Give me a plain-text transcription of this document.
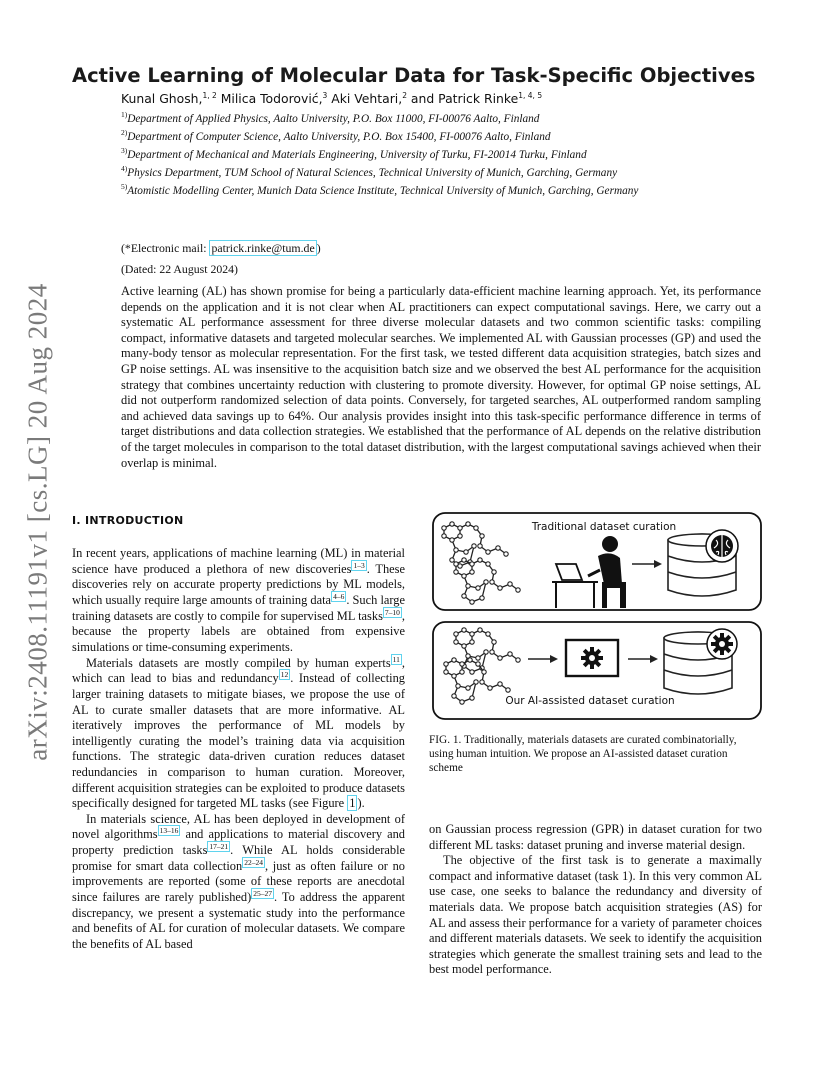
arXiv:2408.11191v1 [cs.LG] 20 Aug 2024
Active Learning of Molecular Data for Task-Specific Objectives
Kunal Ghosh,$^{1, 2}$ Milica Todorović,$^3$ Aki Vehtari,$^2$ and Patrick Rinke$^{1, 4, 5}$
$^{1)}$Department of Applied Physics, Aalto University, P.O. Box 11000, FI-00076 Aalto, Finland
$^{2)}$Department of Computer Science, Aalto University, P.O. Box 15400, FI-00076 Aalto, Finland
$^{3)}$Department of Mechanical and Materials Engineering, University of Turku, FI-20014 Turku, Finland
$^{4)}$Physics Department, TUM School of Natural Sciences, Technical University of Munich, Garching, Germany
$^{5)}$Atomistic Modelling Center, Munich Data Science Institute, Technical University of Munich, Garching, Germany
(*Electronic mail: patrick.rinke@tum.de )
(Dated: 22 August 2024)
Active learning (AL) has shown promise for being a particularly data-efficient machine learning approach. Yet, its performance depends on the application and it is not clear when AL practitioners can expect computational savings. Here, we carry out a systematic AL performance assessment for three diverse molecular datasets and two common scientific tasks: compiling compact, informative datasets and targeted molecular searches. We implemented AL with Gaussian processes (GP) and used the many-body tensor as molecular representation. For the first task, we tested different data acquisition strategies, batch sizes and GP noise settings. AL was insensitive to the acquisition batch size and we observed the best AL performance for the acquisition strategy that combines uncertainty reduction with clustering to promote diversity. However, for optimal GP noise settings, AL did not outperform randomized selection of data points. Conversely, for targeted searches, AL outperformed random sampling and achieved data savings up to 64%. Our analysis provides insight into this task-specific performance difference in terms of target distributions and data collection strategies. We established that the performance of AL depends on the relative distribution of the target molecules in comparison to the total dataset distribution, with the largest computational savings achieved when their overlap is minimal.
I. INTRODUCTION

In recent years, applications of machine learning (ML) in material science have produced a plethora of new discoveries $^{1-3}$ . These discoveries rely on accurate property predictions by ML models, which usually require large amounts of training data $^{4-6}$ . Such large training datasets are costly to compile for supervised ML tasks $^{7-10}$ , because the property labels are obtained from expensive simulations or time-consuming experiments.

Materials datasets are mostly compiled by human experts $^{11}$ , which can lead to bias and redundancy $^{12}$ . Instead of collecting larger training datasets to mitigate biases, we propose the use of AL to curate smaller datasets that are more informative. AL iteratively improves the performance of ML models by intelligently curating the model’s training data via acquisition functions. The strategic data-driven curation reduces dataset redundancies in comparison to human curation. Moreover, different acquisition strategies can be exploited to produce datasets specifically designed for targeted ML tasks (see Figure 1 ).

In materials science, AL has been deployed in development of novel algorithms $^{13-16}$ and applications to material discovery and property prediction tasks $^{17-21}$ . While AL holds considerable promise for smart data collection $^{22-24}$ , just as often failure or no improvements are reported (some of these reports are anecdotal since failures are rarely published) $^{25-27}$ . To address the apparent discrepancy, we present a systematic study into the performance and benefits of AL for curation of molecular datasets. We compare the benefits of AL based

Traditional dataset curation
Our AI-assisted dataset curation
FIG. 1. Traditionally, materials datasets are curated combinatorially, using human intuition. We propose an AI-assisted dataset curation scheme

on Gaussian process regression (GPR) in dataset curation for two different ML tasks: dataset pruning and inverse material design.

The objective of the first task is to generate a maximally compact and informative dataset (task 1). In this very common AL use case, one seeks to balance the redundancy and diversity of materials data. We propose batch acquisition strategies (AS) for AL and assess their performance for a variety of parameter choices and different materials datasets. We seek to identify the acquisition strategies which generate the smallest training sets and lead to the best model performance.
